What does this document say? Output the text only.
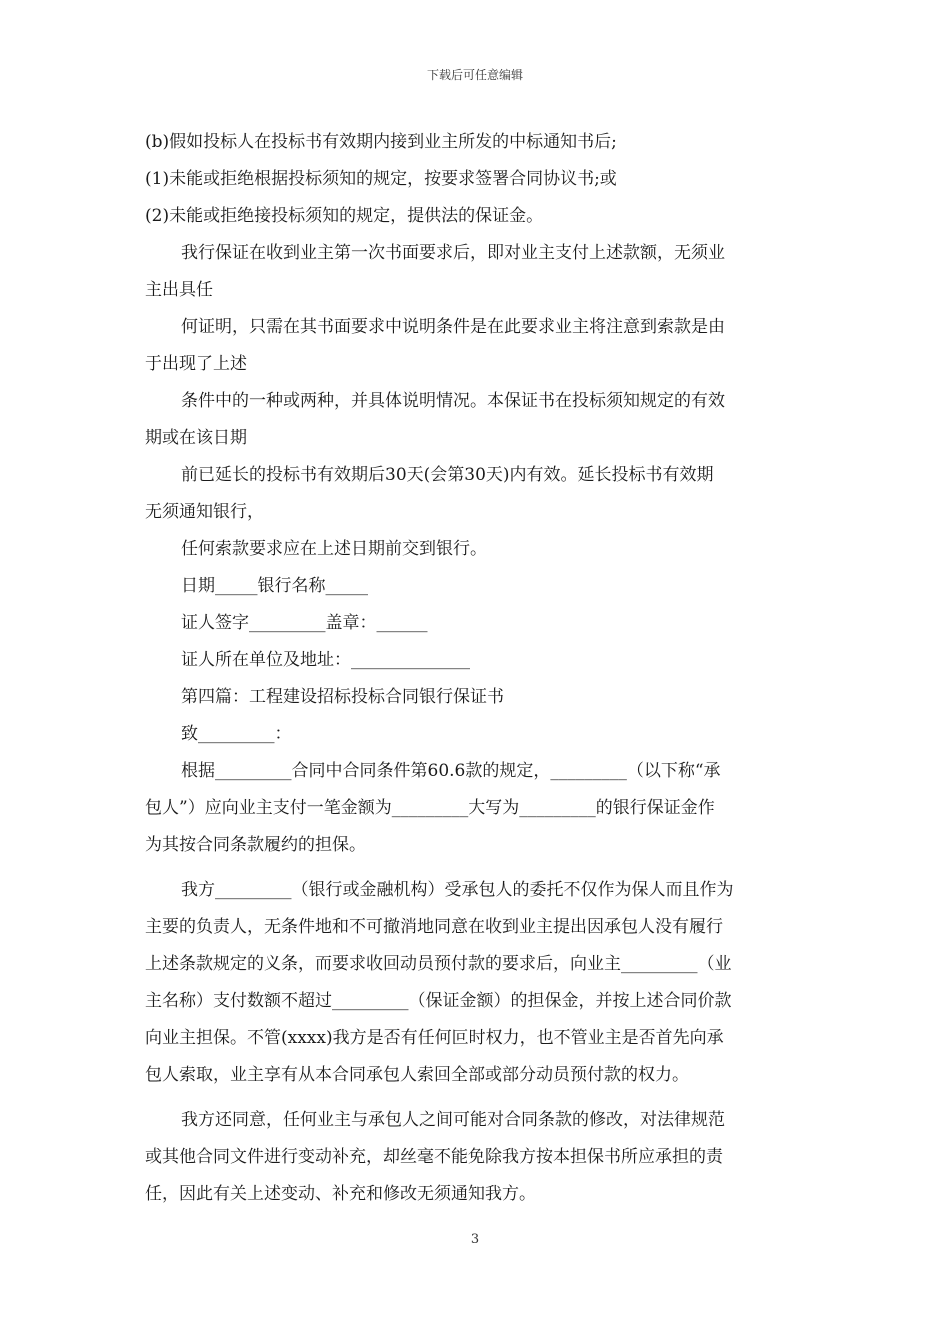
下载后可任意编辑
(b)假如投标人在投标书有效期内接到业主所发的中标通知书后;
(1)未能或拒绝根据投标须知的规定，按要求签署合同协议书;或
(2)未能或拒绝接投标须知的规定，提供法的保证金。
我行保证在收到业主第一次书面要求后，即对业主支付上述款额，无须业
主出具任
何证明，只需在其书面要求中说明条件是在此要求业主将注意到索款是由
于出现了上述
条件中的一种或两种，并具体说明情况。本保证书在投标须知规定的有效
期或在该日期
前已延长的投标书有效期后30天(会第30天)内有效。延长投标书有效期
无须通知银行，
任何索款要求应在上述日期前交到银行。
日期_____银行名称_____
证人签字_________盖章：______
证人所在单位及地址：______________
第四篇：工程建设招标投标合同银行保证书
致_________：
根据_________合同中合同条件第60.6款的规定，_________（以下称“承
包人”）应向业主支付一笔金额为_________大写为_________的银行保证金作
为其按合同条款履约的担保。
我方_________（银行或金融机构）受承包人的委托不仅作为保人而且作为
主要的负责人，无条件地和不可撤消地同意在收到业主提出因承包人没有履行
上述条款规定的义条，而要求收回动员预付款的要求后，向业主_________（业
主名称）支付数额不超过_________（保证金额）的担保金，并按上述合同价款
向业主担保。不管(xxxx)我方是否有任何叵时权力，也不管业主是否首先向承
包人索取，业主享有从本合同承包人索回全部或部分动员预付款的权力。
我方还同意，任何业主与承包人之间可能对合同条款的修改，对法律规范
或其他合同文件进行变动补充，却丝毫不能免除我方按本担保书所应承担的责
任，因此有关上述变动、补充和修改无须通知我方。
3
